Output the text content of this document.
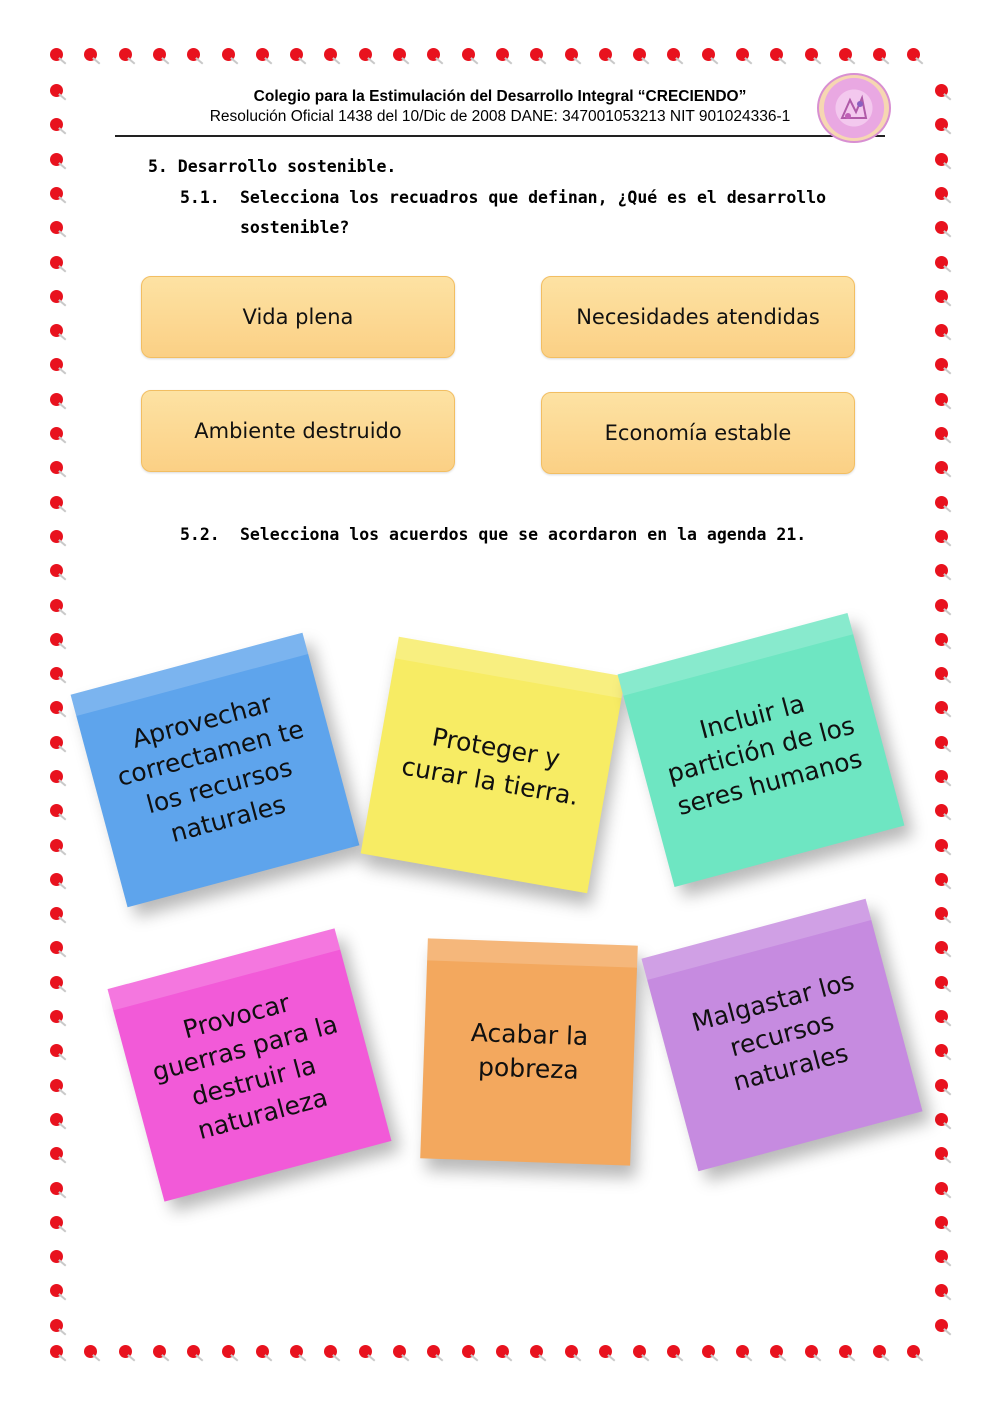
Colegio para la Estimulación del Desarrollo Integral “CRECIENDO”
Resolución Oficial 1438 del 10/Dic de 2008 DANE: 347001053213 NIT 901024336-1
5. Desarrollo sostenible.
5.1. Selecciona los recuadros que definan, ¿Qué es el desarrollo
sostenible?
Vida plena	Necesidades atendidas
Ambiente destruido	Economía estable
5.2. Selecciona los acuerdos que se acordaron en la agenda 21.
Aprovechar correctamen te los recursos naturales
Proteger y curar la tierra.
Incluir la partición de los seres humanos
Provocar guerras para la destruir la naturaleza
Acabar la pobreza
Malgastar los recursos naturales
